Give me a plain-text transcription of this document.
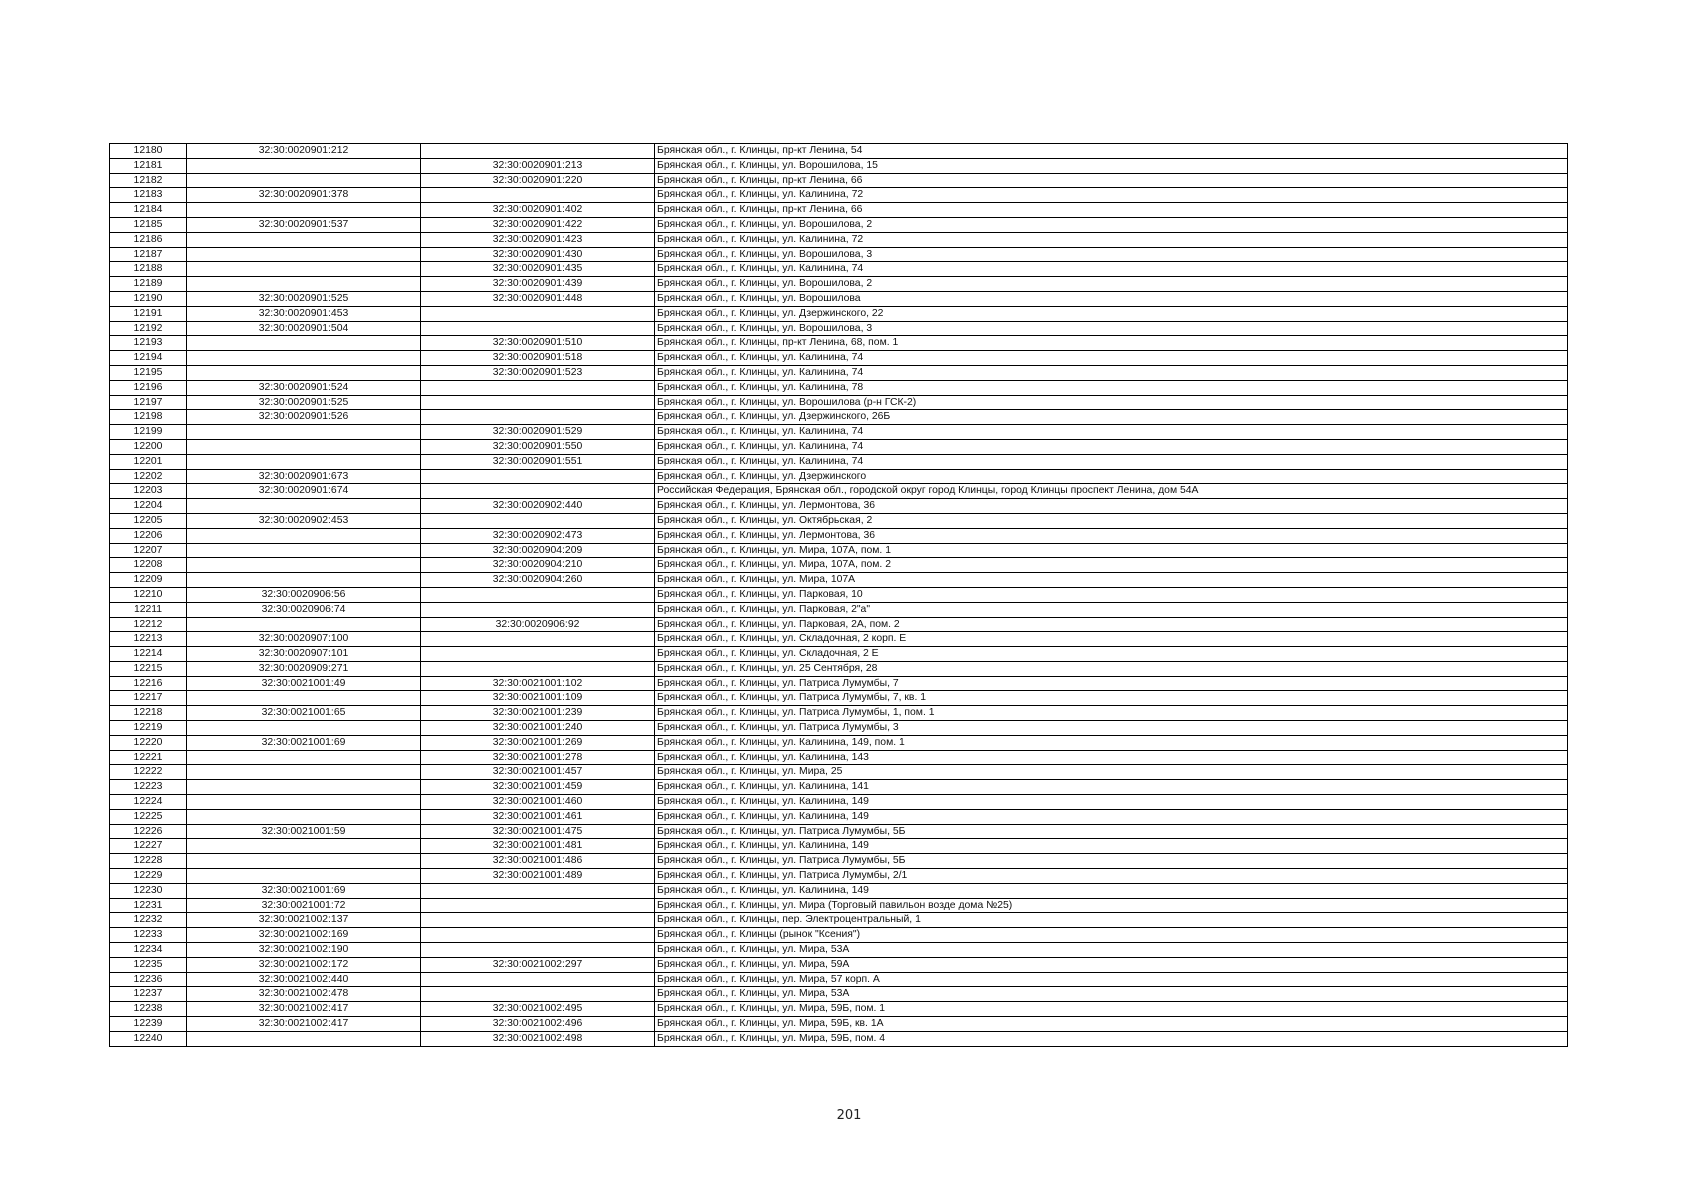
12180	32:30:0020901:212		Брянская обл., г. Клинцы, пр-кт Ленина, 54
12181		32:30:0020901:213	Брянская обл., г. Клинцы, ул. Ворошилова, 15
12182		32:30:0020901:220	Брянская обл., г. Клинцы, пр-кт Ленина, 66
12183	32:30:0020901:378		Брянская обл., г. Клинцы, ул. Калинина, 72
12184		32:30:0020901:402	Брянская обл., г. Клинцы, пр-кт Ленина, 66
12185	32:30:0020901:537	32:30:0020901:422	Брянская обл., г. Клинцы, ул. Ворошилова, 2
12186		32:30:0020901:423	Брянская обл., г. Клинцы, ул. Калинина, 72
12187		32:30:0020901:430	Брянская обл., г. Клинцы, ул. Ворошилова, 3
12188		32:30:0020901:435	Брянская обл., г. Клинцы, ул. Калинина, 74
12189		32:30:0020901:439	Брянская обл., г. Клинцы, ул. Ворошилова, 2
12190	32:30:0020901:525	32:30:0020901:448	Брянская обл., г. Клинцы, ул. Ворошилова
12191	32:30:0020901:453		Брянская обл., г. Клинцы, ул. Дзержинского, 22
12192	32:30:0020901:504		Брянская обл., г. Клинцы, ул. Ворошилова, 3
12193		32:30:0020901:510	Брянская обл., г. Клинцы, пр-кт Ленина, 68, пом. 1
12194		32:30:0020901:518	Брянская обл., г. Клинцы, ул. Калинина, 74
12195		32:30:0020901:523	Брянская обл., г. Клинцы, ул. Калинина, 74
12196	32:30:0020901:524		Брянская обл., г. Клинцы, ул. Калинина, 78
12197	32:30:0020901:525		Брянская обл., г. Клинцы, ул. Ворошилова (р-н ГСК-2)
12198	32:30:0020901:526		Брянская обл., г. Клинцы, ул. Дзержинского, 26Б
12199		32:30:0020901:529	Брянская обл., г. Клинцы, ул. Калинина, 74
12200		32:30:0020901:550	Брянская обл., г. Клинцы, ул. Калинина, 74
12201		32:30:0020901:551	Брянская обл., г. Клинцы, ул. Калинина, 74
12202	32:30:0020901:673		Брянская обл., г. Клинцы, ул. Дзержинского
12203	32:30:0020901:674		Российская Федерация, Брянская обл., городской округ город Клинцы, город Клинцы проспект Ленина, дом 54А
12204		32:30:0020902:440	Брянская обл., г. Клинцы, ул. Лермонтова, 36
12205	32:30:0020902:453		Брянская обл., г. Клинцы, ул. Октябрьская, 2
12206		32:30:0020902:473	Брянская обл., г. Клинцы, ул. Лермонтова, 36
12207		32:30:0020904:209	Брянская обл., г. Клинцы, ул. Мира, 107А, пом. 1
12208		32:30:0020904:210	Брянская обл., г. Клинцы, ул. Мира, 107А, пом. 2
12209		32:30:0020904:260	Брянская обл., г. Клинцы, ул. Мира, 107А
12210	32:30:0020906:56		Брянская обл., г. Клинцы, ул. Парковая, 10
12211	32:30:0020906:74		Брянская обл., г. Клинцы, ул. Парковая, 2"а"
12212		32:30:0020906:92	Брянская обл., г. Клинцы, ул. Парковая, 2А, пом. 2
12213	32:30:0020907:100		Брянская обл., г. Клинцы, ул. Складочная, 2 корп. Е
12214	32:30:0020907:101		Брянская обл., г. Клинцы, ул. Складочная, 2 Е
12215	32:30:0020909:271		Брянская обл., г. Клинцы, ул. 25 Сентября, 28
12216	32:30:0021001:49	32:30:0021001:102	Брянская обл., г. Клинцы, ул. Патриса Лумумбы, 7
12217		32:30:0021001:109	Брянская обл., г. Клинцы, ул. Патриса Лумумбы, 7, кв. 1
12218	32:30:0021001:65	32:30:0021001:239	Брянская обл., г. Клинцы, ул. Патриса Лумумбы, 1, пом. 1
12219		32:30:0021001:240	Брянская обл., г. Клинцы, ул. Патриса Лумумбы, 3
12220	32:30:0021001:69	32:30:0021001:269	Брянская обл., г. Клинцы, ул. Калинина, 149, пом. 1
12221		32:30:0021001:278	Брянская обл., г. Клинцы, ул. Калинина, 143
12222		32:30:0021001:457	Брянская обл., г. Клинцы, ул. Мира, 25
12223		32:30:0021001:459	Брянская обл., г. Клинцы, ул. Калинина, 141
12224		32:30:0021001:460	Брянская обл., г. Клинцы, ул. Калинина, 149
12225		32:30:0021001:461	Брянская обл., г. Клинцы, ул. Калинина, 149
12226	32:30:0021001:59	32:30:0021001:475	Брянская обл., г. Клинцы, ул. Патриса Лумумбы, 5Б
12227		32:30:0021001:481	Брянская обл., г. Клинцы, ул. Калинина, 149
12228		32:30:0021001:486	Брянская обл., г. Клинцы, ул. Патриса Лумумбы, 5Б
12229		32:30:0021001:489	Брянская обл., г. Клинцы, ул. Патриса Лумумбы, 2/1
12230	32:30:0021001:69		Брянская обл., г. Клинцы, ул. Калинина, 149
12231	32:30:0021001:72		Брянская обл., г. Клинцы, ул. Мира (Торговый павильон возде дома №25)
12232	32:30:0021002:137		Брянская обл., г. Клинцы, пер. Электроцентральный, 1
12233	32:30:0021002:169		Брянская обл., г. Клинцы (рынок "Ксения")
12234	32:30:0021002:190		Брянская обл., г. Клинцы, ул. Мира, 53А
12235	32:30:0021002:172	32:30:0021002:297	Брянская обл., г. Клинцы, ул. Мира, 59А
12236	32:30:0021002:440		Брянская обл., г. Клинцы, ул. Мира, 57 корп. А
12237	32:30:0021002:478		Брянская обл., г. Клинцы, ул. Мира, 53А
12238	32:30:0021002:417	32:30:0021002:495	Брянская обл., г. Клинцы, ул. Мира, 59Б, пом. 1
12239	32:30:0021002:417	32:30:0021002:496	Брянская обл., г. Клинцы, ул. Мира, 59Б, кв. 1А
12240		32:30:0021002:498	Брянская обл., г. Клинцы, ул. Мира, 59Б, пом. 4
201
